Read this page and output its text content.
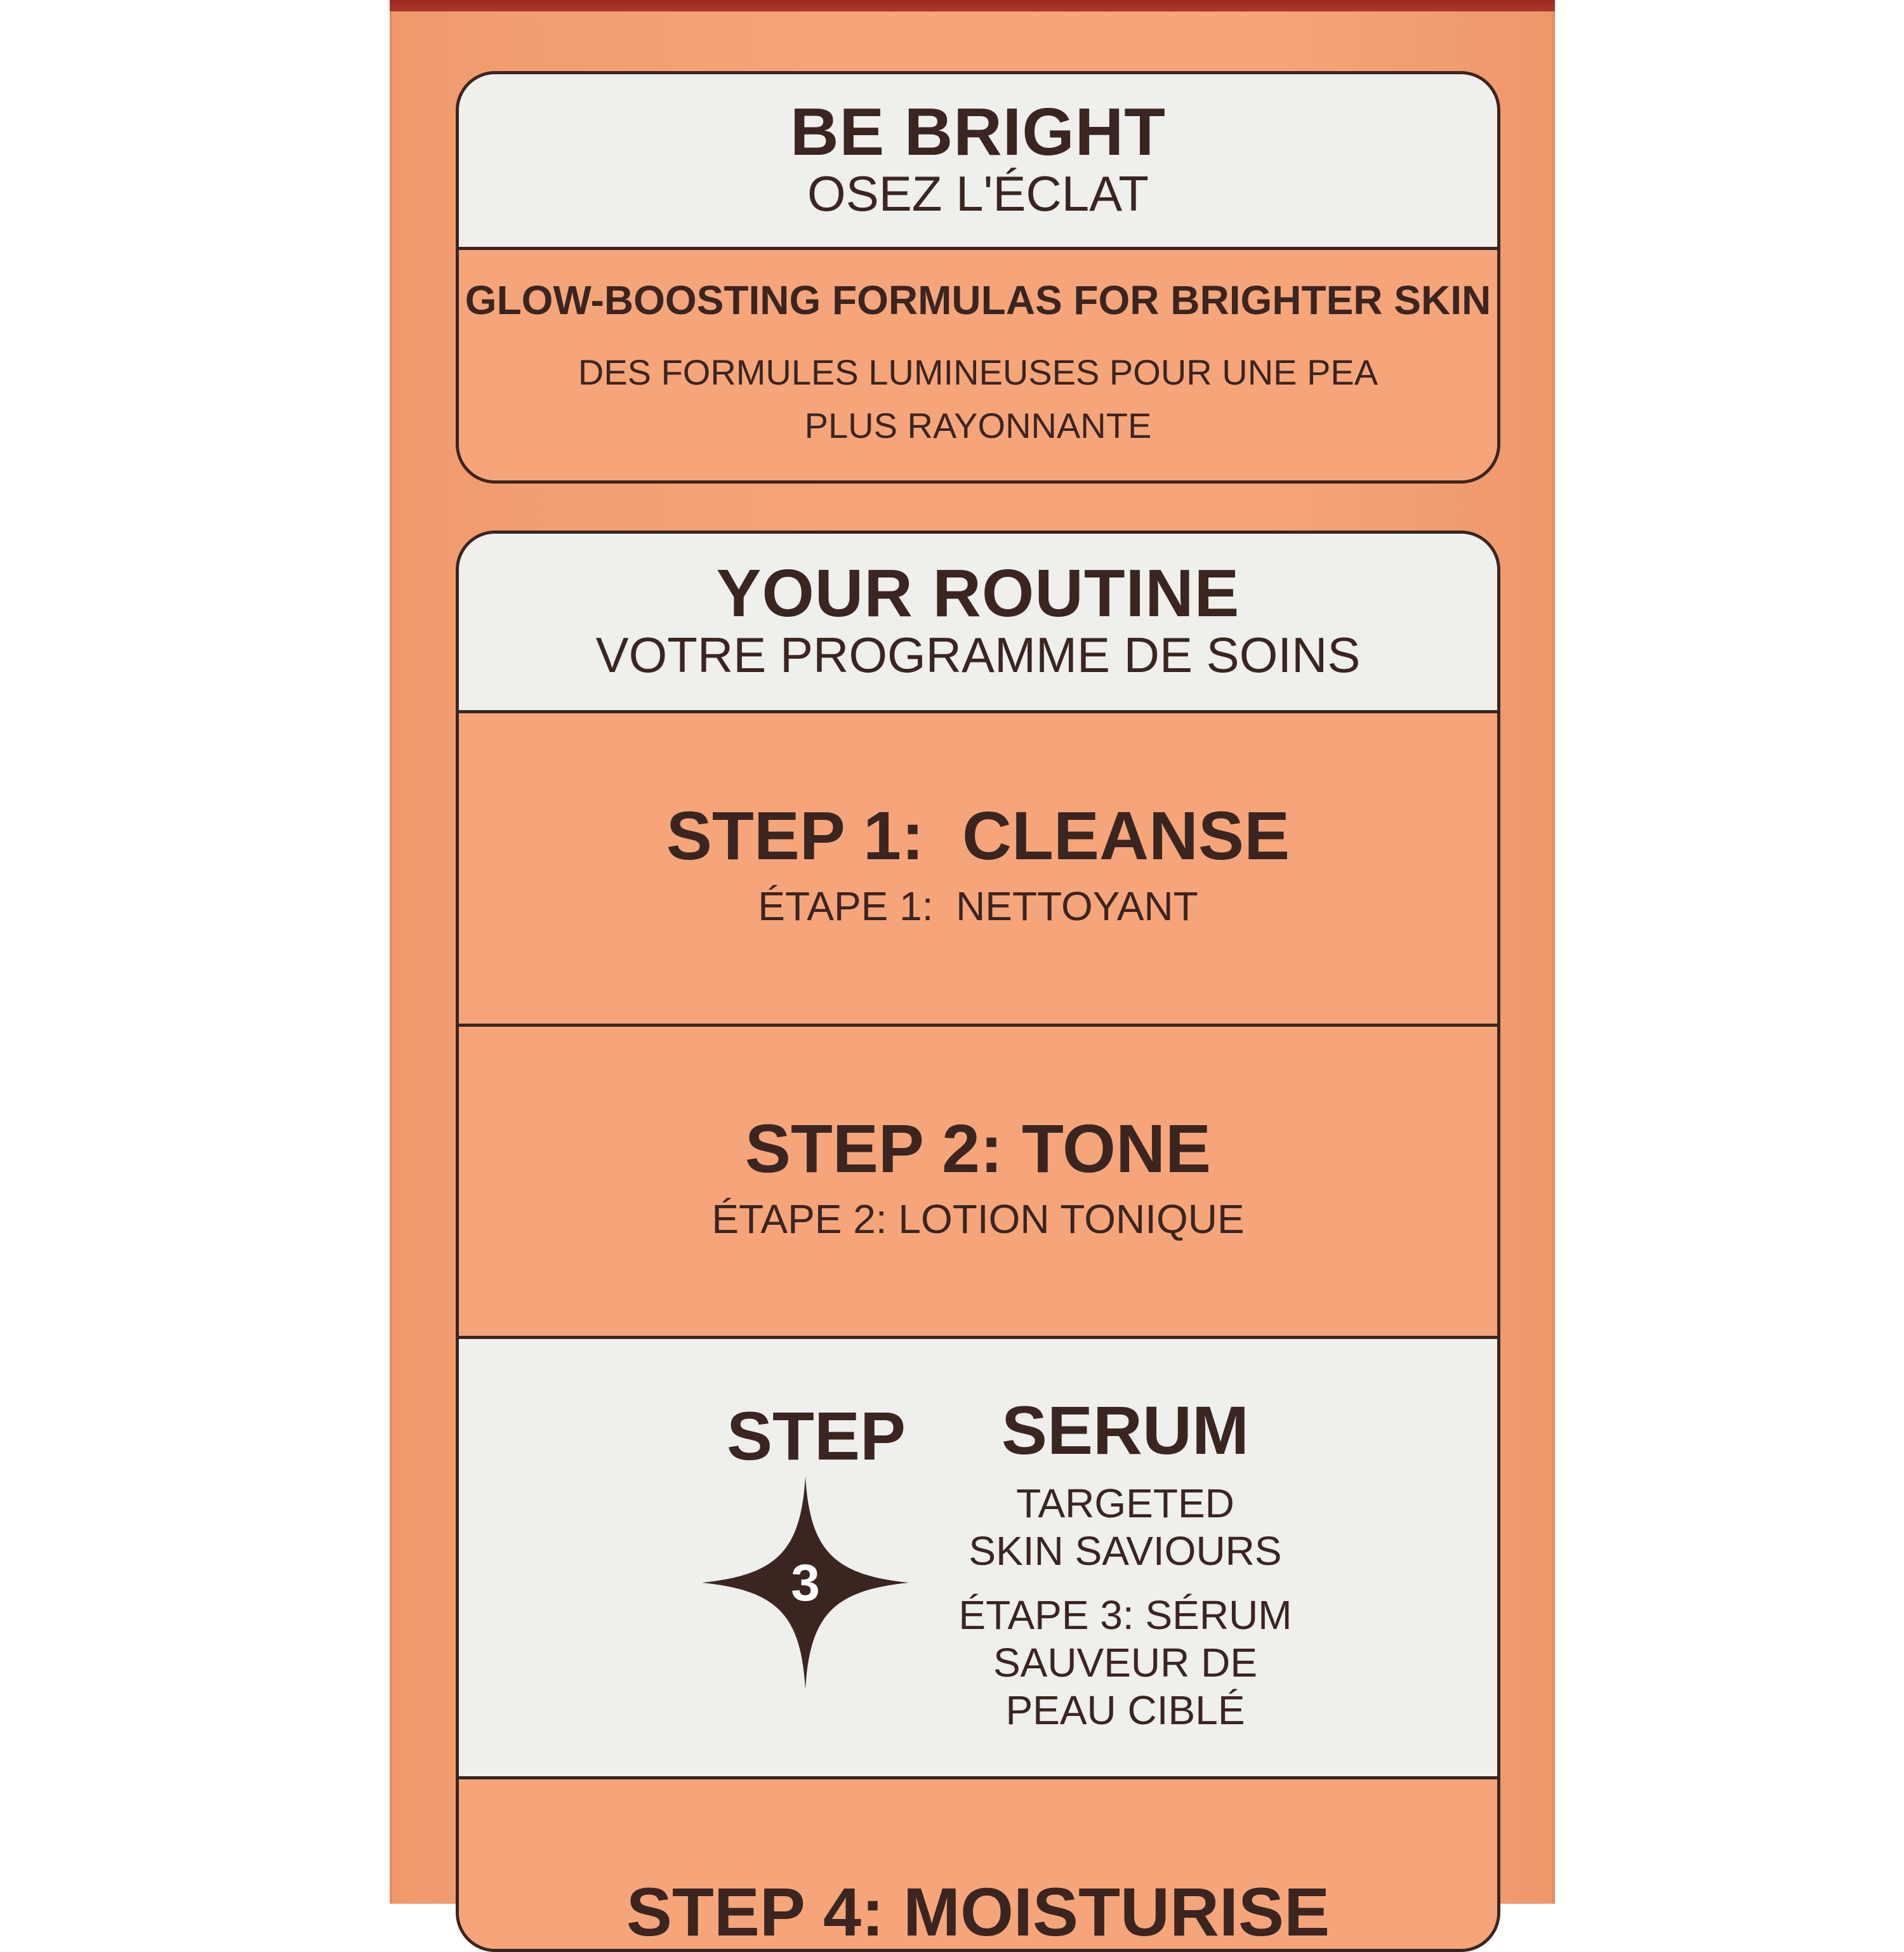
BE BRIGHT
OSEZ L'ÉCLAT
GLOW-BOOSTING FORMULAS FOR BRIGHTER SKIN
DES FORMULES LUMINEUSES POUR UNE PEA
PLUS RAYONNANTE
YOUR ROUTINE
VOTRE PROGRAMME DE SOINS
STEP 1:  CLEANSE
ÉTAPE 1:  NETTOYANT
STEP 2: TONE
ÉTAPE 2: LOTION TONIQUE
STEP
3
SERUM
TARGETED
SKIN SAVIOURS
ÉTAPE 3: SÉRUM
SAUVEUR DE
PEAU CIBLÉ
STEP 4: MOISTURISE
